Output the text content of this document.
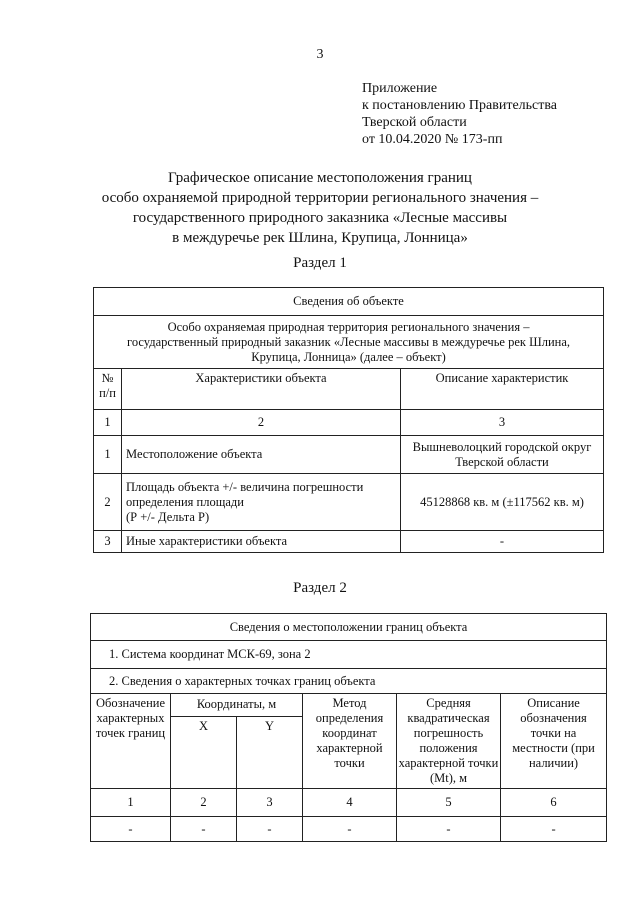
3
Приложение
к постановлению Правительства
Тверской области
от 10.04.2020 № 173-пп
Графическое описание местоположения границ
особо охраняемой природной территории регионального значения –
государственного природного заказника «Лесные массивы
в междуречье рек Шлина, Крупица, Лонница»
Раздел 1
Сведения об объекте		

Особо охраняемая природная территория регионального значения –
государственный природный заказник «Лесные массивы в междуречье рек Шлина,
Крупица, Лонница» (далее – объект)		

№ п/п	Характеристики объекта	Описание характеристик
1	2	3
1	Местоположение объекта	Вышневолоцкий городской округ Тверской области
2	Площадь объекта +/- величина погрешности
определения площади
(Р +/- Дельта Р)	45128868 кв. м (±117562 кв. м)
3	Иные характеристики объекта	-
Раздел 2
Сведения о местоположении границ объекта					
1. Система координат МСК-69, зона 2					
2. Сведения о характерных точках границ объекта					
Обозначение характерных точек границ	Координаты, м		Метод определения координат характерной точки	Средняя квадратическая погрешность положения характерной точки (Mt), м	Описание обозначения точки на местности (при наличии)
	X	Y			
1	2	3	4	5	6
-	-	-	-	-	-
